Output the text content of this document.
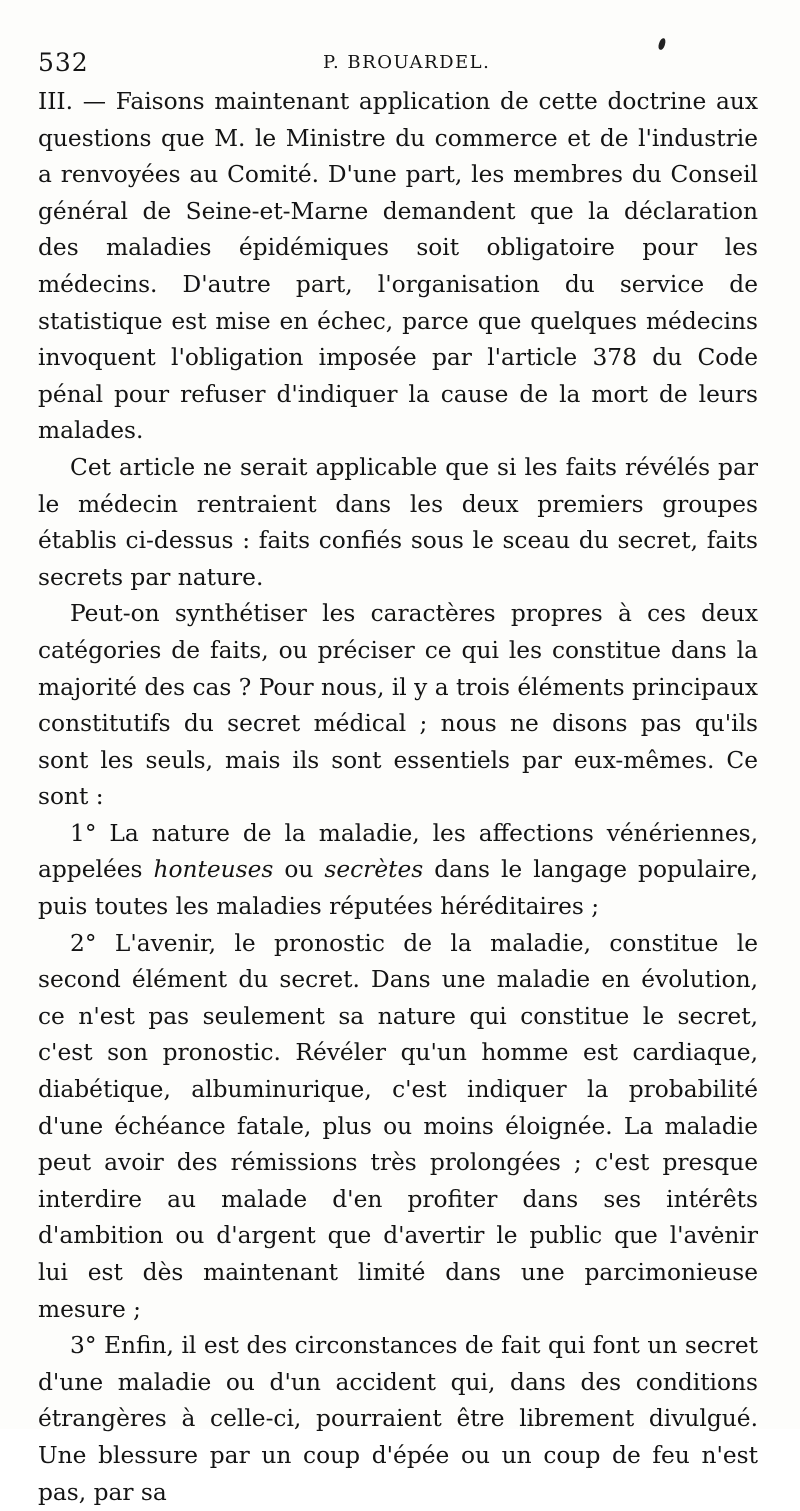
532	P. BROUARDEL.

III. — Faisons maintenant application de cette doctrine aux questions que M. le Ministre du commerce et de l'industrie a renvoyées au Comité. D'une part, les membres du Conseil général de Seine-et-Marne demandent que la déclaration des maladies épidémiques soit obligatoire pour les médecins. D'autre part, l'organisation du service de statistique est mise en échec, parce que quelques médecins invoquent l'obligation imposée par l'article 378 du Code pénal pour refuser d'indiquer la cause de la mort de leurs malades.

Cet article ne serait applicable que si les faits révélés par le médecin rentraient dans les deux premiers groupes établis ci-dessus : faits confiés sous le sceau du secret, faits secrets par nature.

Peut-on synthétiser les caractères propres à ces deux catégories de faits, ou préciser ce qui les constitue dans la majorité des cas ? Pour nous, il y a trois éléments principaux constitutifs du secret médical ; nous ne disons pas qu'ils sont les seuls, mais ils sont essentiels par eux-mêmes. Ce sont :

1° La nature de la maladie, les affections vénériennes, appelées honteuses ou secrètes dans le langage populaire, puis toutes les maladies réputées héréditaires ;

2° L'avenir, le pronostic de la maladie, constitue le second élément du secret. Dans une maladie en évolution, ce n'est pas seulement sa nature qui constitue le secret, c'est son pronostic. Révéler qu'un homme est cardiaque, diabétique, albuminurique, c'est indiquer la probabilité d'une échéance fatale, plus ou moins éloignée. La maladie peut avoir des rémissions très prolongées ; c'est presque interdire au malade d'en profiter dans ses intérêts d'ambition ou d'argent que d'avertir le public que l'avenir lui est dès maintenant limité dans une parcimonieuse mesure ;

3° Enfin, il est des circonstances de fait qui font un secret d'une maladie ou d'un accident qui, dans des conditions étrangères à celle-ci, pourraient être librement divulgué. Une blessure par un coup d'épée ou un coup de feu n'est pas, par sa
